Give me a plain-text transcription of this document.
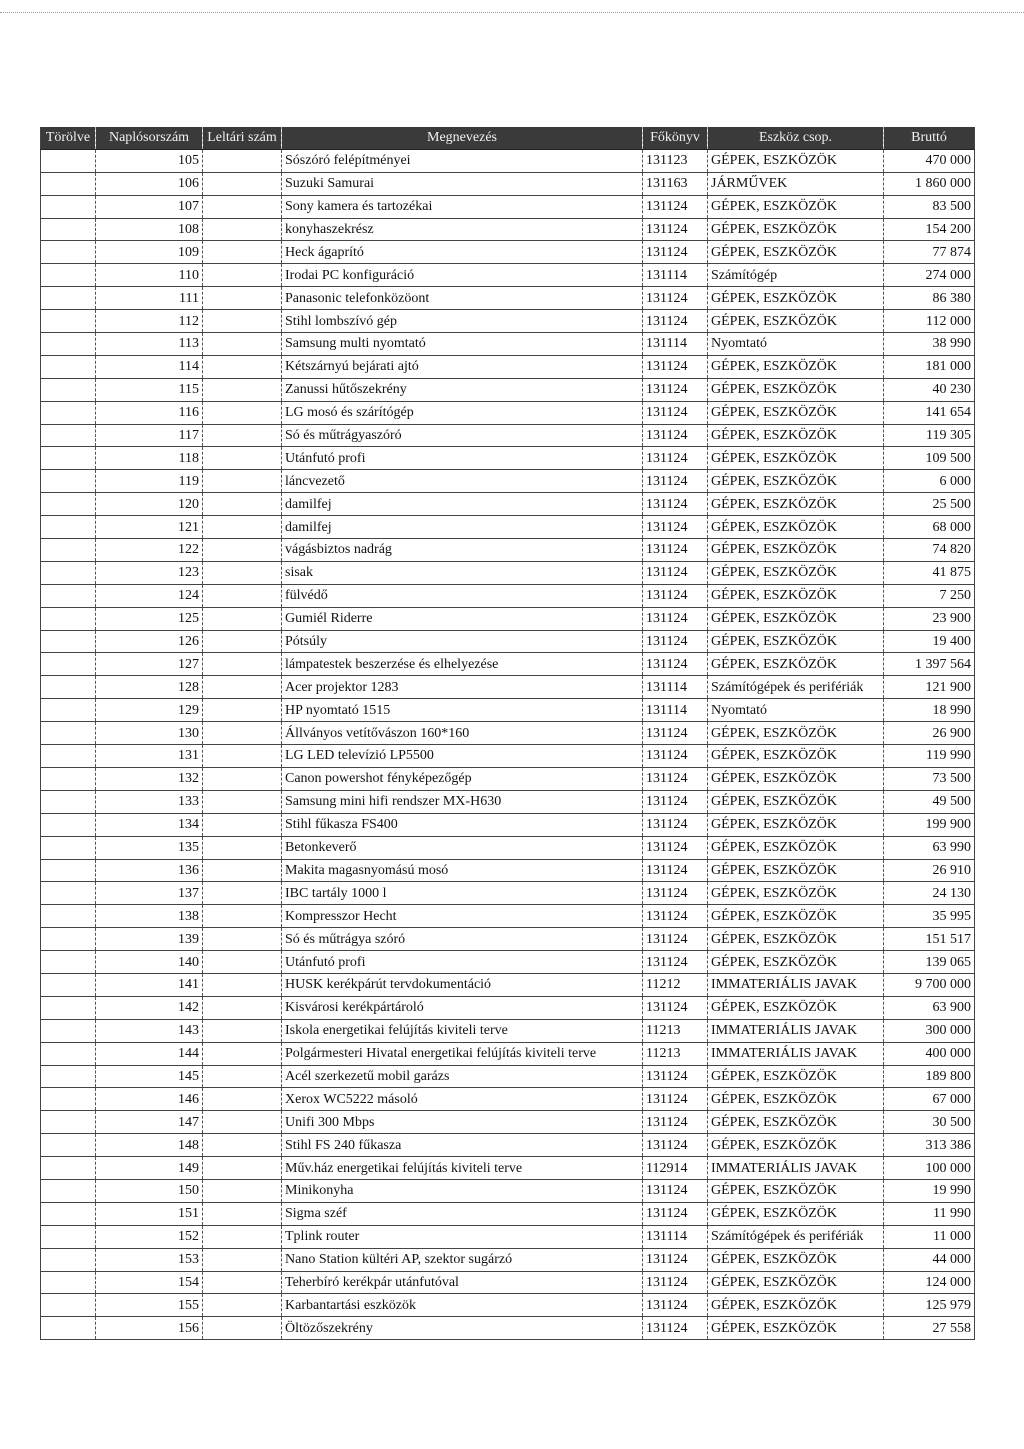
Törölve	Naplósorszám	Leltári szám	Megnevezés	Főkönyv	Eszköz csop.	Bruttó
	105		Sószóró felépítményei	131123	GÉPEK, ESZKÖZÖK	470 000
	106		Suzuki Samurai	131163	JÁRMŰVEK	1 860 000
	107		Sony kamera és tartozékai	131124	GÉPEK, ESZKÖZÖK	83 500
	108		konyhaszekrész	131124	GÉPEK, ESZKÖZÖK	154 200
	109		Heck ágaprító	131124	GÉPEK, ESZKÖZÖK	77 874
	110		Irodai PC konfiguráció	131114	Számítógép	274 000
	111		Panasonic telefonközöont	131124	GÉPEK, ESZKÖZÖK	86 380
	112		Stihl lombszívó gép	131124	GÉPEK, ESZKÖZÖK	112 000
	113		Samsung multi nyomtató	131114	Nyomtató	38 990
	114		Kétszárnyú bejárati ajtó	131124	GÉPEK, ESZKÖZÖK	181 000
	115		Zanussi hűtőszekrény	131124	GÉPEK, ESZKÖZÖK	40 230
	116		LG mosó és szárítógép	131124	GÉPEK, ESZKÖZÖK	141 654
	117		Só és műtrágyaszóró	131124	GÉPEK, ESZKÖZÖK	119 305
	118		Utánfutó profi	131124	GÉPEK, ESZKÖZÖK	109 500
	119		láncvezető	131124	GÉPEK, ESZKÖZÖK	6 000
	120		damilfej	131124	GÉPEK, ESZKÖZÖK	25 500
	121		damilfej	131124	GÉPEK, ESZKÖZÖK	68 000
	122		vágásbiztos nadrág	131124	GÉPEK, ESZKÖZÖK	74 820
	123		sisak	131124	GÉPEK, ESZKÖZÖK	41 875
	124		fülvédő	131124	GÉPEK, ESZKÖZÖK	7 250
	125		Gumiél Riderre	131124	GÉPEK, ESZKÖZÖK	23 900
	126		Pótsúly	131124	GÉPEK, ESZKÖZÖK	19 400
	127		lámpatestek beszerzése és elhelyezése	131124	GÉPEK, ESZKÖZÖK	1 397 564
	128		Acer projektor 1283	131114	Számítógépek és perifériák	121 900
	129		HP nyomtató 1515	131114	Nyomtató	18 990
	130		Állványos vetítővászon 160*160	131124	GÉPEK, ESZKÖZÖK	26 900
	131		LG LED televízió LP5500	131124	GÉPEK, ESZKÖZÖK	119 990
	132		Canon powershot fényképezőgép	131124	GÉPEK, ESZKÖZÖK	73 500
	133		Samsung mini hifi rendszer MX-H630	131124	GÉPEK, ESZKÖZÖK	49 500
	134		Stihl fűkasza FS400	131124	GÉPEK, ESZKÖZÖK	199 900
	135		Betonkeverő	131124	GÉPEK, ESZKÖZÖK	63 990
	136		Makita magasnyomású mosó	131124	GÉPEK, ESZKÖZÖK	26 910
	137		IBC tartály 1000 l	131124	GÉPEK, ESZKÖZÖK	24 130
	138		Kompresszor Hecht	131124	GÉPEK, ESZKÖZÖK	35 995
	139		Só és műtrágya szóró	131124	GÉPEK, ESZKÖZÖK	151 517
	140		Utánfutó profi	131124	GÉPEK, ESZKÖZÖK	139 065
	141		HUSK kerékpárút tervdokumentáció	11212	IMMATERIÁLIS JAVAK	9 700 000
	142		Kisvárosi kerékpártároló	131124	GÉPEK, ESZKÖZÖK	63 900
	143		Iskola energetikai felújítás kiviteli terve	11213	IMMATERIÁLIS JAVAK	300 000
	144		Polgármesteri Hivatal energetikai felújítás kiviteli terve	11213	IMMATERIÁLIS JAVAK	400 000
	145		Acél szerkezetű mobil garázs	131124	GÉPEK, ESZKÖZÖK	189 800
	146		Xerox WC5222 másoló	131124	GÉPEK, ESZKÖZÖK	67 000
	147		Unifi 300 Mbps	131124	GÉPEK, ESZKÖZÖK	30 500
	148		Stihl FS 240 fűkasza	131124	GÉPEK, ESZKÖZÖK	313 386
	149		Műv.ház energetikai felújítás kiviteli terve	112914	IMMATERIÁLIS JAVAK	100 000
	150		Minikonyha	131124	GÉPEK, ESZKÖZÖK	19 990
	151		Sigma széf	131124	GÉPEK, ESZKÖZÖK	11 990
	152		Tplink router	131114	Számítógépek és perifériák	11 000
	153		Nano Station kültéri AP, szektor sugárzó	131124	GÉPEK, ESZKÖZÖK	44 000
	154		Teherbíró kerékpár utánfutóval	131124	GÉPEK, ESZKÖZÖK	124 000
	155		Karbantartási eszközök	131124	GÉPEK, ESZKÖZÖK	125 979
	156		Öltözőszekrény	131124	GÉPEK, ESZKÖZÖK	27 558
